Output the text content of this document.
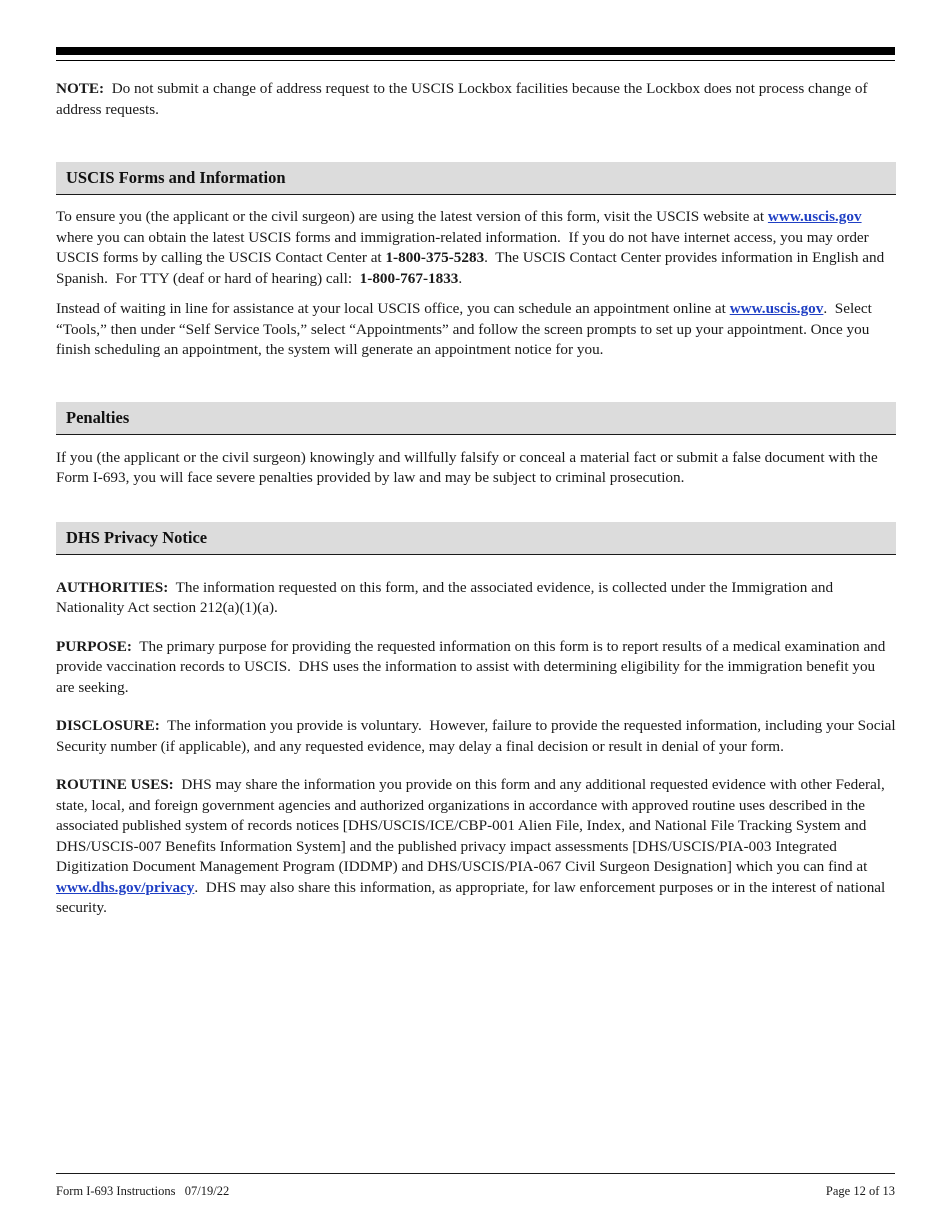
NOTE: Do not submit a change of address request to the USCIS Lockbox facilities because the Lockbox does not process change of address requests.

USCIS Forms and Information

To ensure you (the applicant or the civil surgeon) are using the latest version of this form, visit the USCIS website at www.uscis.gov where you can obtain the latest USCIS forms and immigration-related information.  If you do not have internet access, you may order USCIS forms by calling the USCIS Contact Center at 1-800-375-5283.  The USCIS Contact Center provides information in English and Spanish.  For TTY (deaf or hard of hearing) call:  1-800-767-1833.

Instead of waiting in line for assistance at your local USCIS office, you can schedule an appointment online at www.uscis.gov.  Select “Tools,” then under “Self Service Tools,” select “Appointments” and follow the screen prompts to set up your appointment. Once you finish scheduling an appointment, the system will generate an appointment notice for you.

Penalties

If you (the applicant or the civil surgeon) knowingly and willfully falsify or conceal a material fact or submit a false document with the Form I-693, you will face severe penalties provided by law and may be subject to criminal prosecution.

DHS Privacy Notice

AUTHORITIES: The information requested on this form, and the associated evidence, is collected under the Immigration and Nationality Act section 212(a)(1)(a).

PURPOSE: The primary purpose for providing the requested information on this form is to report results of a medical examination and provide vaccination records to USCIS.  DHS uses the information to assist with determining eligibility for the immigration benefit you are seeking.

DISCLOSURE: The information you provide is voluntary.  However, failure to provide the requested information, including your Social Security number (if applicable), and any requested evidence, may delay a final decision or result in denial of your form.

ROUTINE USES: DHS may share the information you provide on this form and any additional requested evidence with other Federal, state, local, and foreign government agencies and authorized organizations in accordance with approved routine uses described in the associated published system of records notices [DHS/USCIS/ICE/CBP-001 Alien File, Index, and National File Tracking System and DHS/USCIS-007 Benefits Information System] and the published privacy impact assessments [DHS/USCIS/PIA-003 Integrated Digitization Document Management Program (IDDMP) and DHS/USCIS/PIA-067 Civil Surgeon Designation] which you can find at www.dhs.gov/privacy.  DHS may also share this information, as appropriate, for law enforcement purposes or in the interest of national security.

Form I-693 Instructions   07/19/22	Page 12 of 13
